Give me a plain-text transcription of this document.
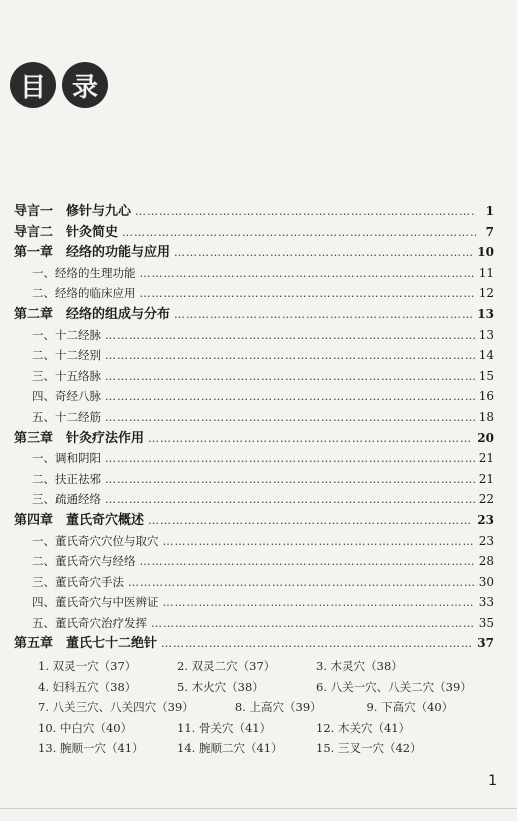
目 录
导言一　修针与九心 ………………………………………………………………………………………………………………………………	1
导言二　针灸简史 ………………………………………………………………………………………………………………………………	7
第一章　经络的功能与应用 ………………………………………………………………………………………………………………………………	10
一、经络的生理功能 ………………………………………………………………………………………………………………………………	11
二、经络的临床应用 ………………………………………………………………………………………………………………………………	12
第二章　经络的组成与分布 ………………………………………………………………………………………………………………………………	13
一、十二经脉 ………………………………………………………………………………………………………………………………	13
二、十二经别 ………………………………………………………………………………………………………………………………	14
三、十五络脉 ………………………………………………………………………………………………………………………………	15
四、奇经八脉 ………………………………………………………………………………………………………………………………	16
五、十二经筋 ………………………………………………………………………………………………………………………………	18
第三章　针灸疗法作用 ………………………………………………………………………………………………………………………………	20
一、调和阴阳 ………………………………………………………………………………………………………………………………	21
二、扶正祛邪 ………………………………………………………………………………………………………………………………	21
三、疏通经络 ………………………………………………………………………………………………………………………………	22
第四章　董氏奇穴概述 ………………………………………………………………………………………………………………………………	23
一、董氏奇穴穴位与取穴 ………………………………………………………………………………………………………………………………	23
二、董氏奇穴与经络 ………………………………………………………………………………………………………………………………	28
三、董氏奇穴手法 ………………………………………………………………………………………………………………………………	30
四、董氏奇穴与中医辨证 ………………………………………………………………………………………………………………………………	33
五、董氏奇穴治疗发挥 ………………………………………………………………………………………………………………………………	35
第五章　董氏七十二绝针 ………………………………………………………………………………………………………………………………	37
1. 双灵一穴（37）	2. 双灵二穴（37）	3. 木灵穴（38）
4. 妇科五穴（38）	5. 木火穴（38）	6. 八关一穴、八关二穴（39）
7. 八关三穴、八关四穴（39）	8. 上高穴（39）	9. 下高穴（40）
10. 中白穴（40）	11. 骨关穴（41）	12. 木关穴（41）
13. 腕顺一穴（41）	14. 腕顺二穴（41）	15. 三叉一穴（42）
1
